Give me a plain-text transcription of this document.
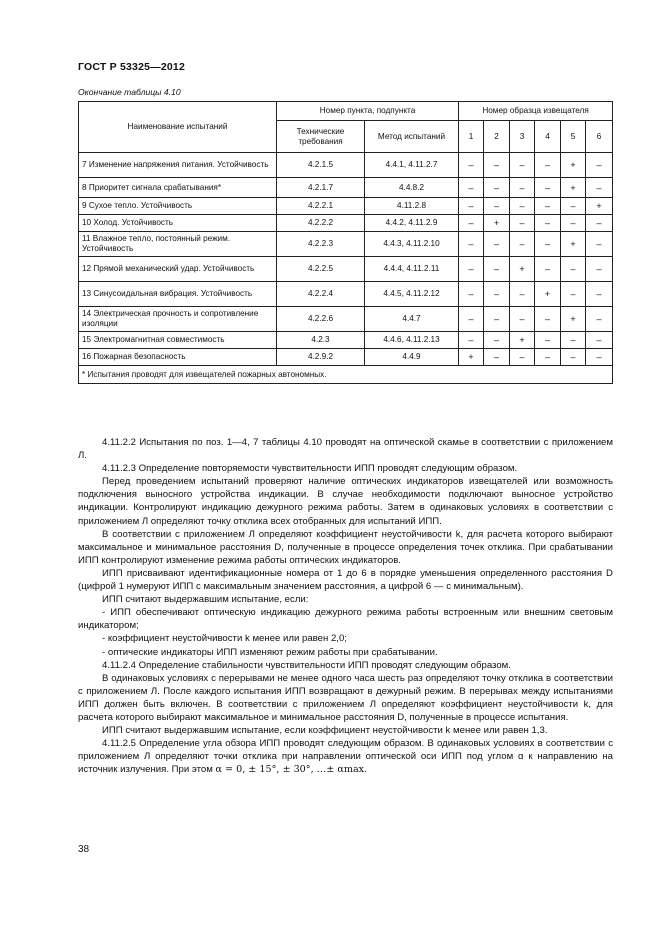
ГОСТ Р 53325—2012
Окончание таблицы 4.10
Наименование испытаний	Номер пункта, подпункта		Номер образца извещателя					
	Технические требования	Метод испытаний	1	2	3	4	5	6
7 Изменение напряжения питания. Устойчивость	4.2.1.5	4.4.1, 4.11.2.7	–	–	–	–	+	–
8 Приоритет сигнала срабатывания*	4.2.1.7	4.4.8.2	–	–	–	–	+	–
9 Сухое тепло. Устойчивость	4.2.2.1	4.11.2.8	–	–	–	–	–	+
10 Холод. Устойчивость	4.2.2.2	4.4.2, 4.11.2.9	–	+	–	–	–	–
11 Влажное тепло, постоянный режим. Устойчивость	4.2.2.3	4.4.3, 4.11.2.10	–	–	–	–	+	–
12 Прямой механический удар. Устойчивость	4.2.2.5	4.4.4, 4.11.2.11	–	–	+	–	–	–
13 Синусоидальная вибрация. Устойчивость	4.2.2.4	4.4.5, 4.11.2.12	–	–	–	+	–	–
14 Электрическая прочность и сопротивление изоляции	4.2.2.6	4.4.7	–	–	–	–	+	–
15 Электромагнитная совместимость	4.2.3	4.4.6, 4.11.2.13	–	–	+	–	–	–
16 Пожарная безопасность	4.2.9.2	4.4.9	+	–	–	–	–	–
* Испытания проводят для извещателей пожарных автономных.								

4.11.2.2 Испытания по поз. 1—4, 7 таблицы 4.10 проводят на оптической скамье в соответствии с приложением Л.

4.11.2.3 Определение повторяемости чувствительности ИПП проводят следующим образом.

Перед проведением испытаний проверяют наличие оптических индикаторов извещателей или возможность подключения выносного устройства индикации. В случае необходимости подключают выносное устройство индикации. Контролируют индикацию дежурного режима работы. Затем в одинаковых условиях в соответствии с приложением Л определяют точку отклика всех отобранных для испытаний ИПП.

В соответствии с приложением Л определяют коэффициент неустойчивости k, для расчета которого выбирают максимальное и минимальное расстояния D, полученные в процессе определения точек отклика. При срабатывании ИПП контролируют изменение режима работы оптических индикаторов.

ИПП присваивают идентификационные номера от 1 до 6 в порядке уменьшения определенного расстояния D (цифрой 1 нумеруют ИПП с максимальным значением расстояния, а цифрой 6 — с минимальным).

ИПП считают выдержавшим испытание, если:

- ИПП обеспечивают оптическую индикацию дежурного режима работы встроенным или внешним световым индикатором;

- коэффициент неустойчивости k менее или равен 2,0;

- оптические индикаторы ИПП изменяют режим работы при срабатывании.

4.11.2.4 Определение стабильности чувствительности ИПП проводят следующим образом.

В одинаковых условиях с перерывами не менее одного часа шесть раз определяют точку отклика в соответствии с приложением Л. После каждого испытания ИПП возвращают в дежурный режим. В перерывах между испытаниями ИПП должен быть включен. В соответствии с приложением Л определяют коэффициент неустойчивости k, для расчета которого выбирают максимальное и минимальное расстояния D, полученные в процессе испытания.

ИПП считают выдержавшим испытание, если коэффициент неустойчивости k менее или равен 1,3.

4.11.2.5 Определение угла обзора ИПП проводят следующим образом. В одинаковых условиях в соответствии с приложением Л определяют точки отклика при направлении оптической оси ИПП под углом α к направлению на источник излучения. При этом α = 0, ± 15°, ± 30°, …± αmax.

38
